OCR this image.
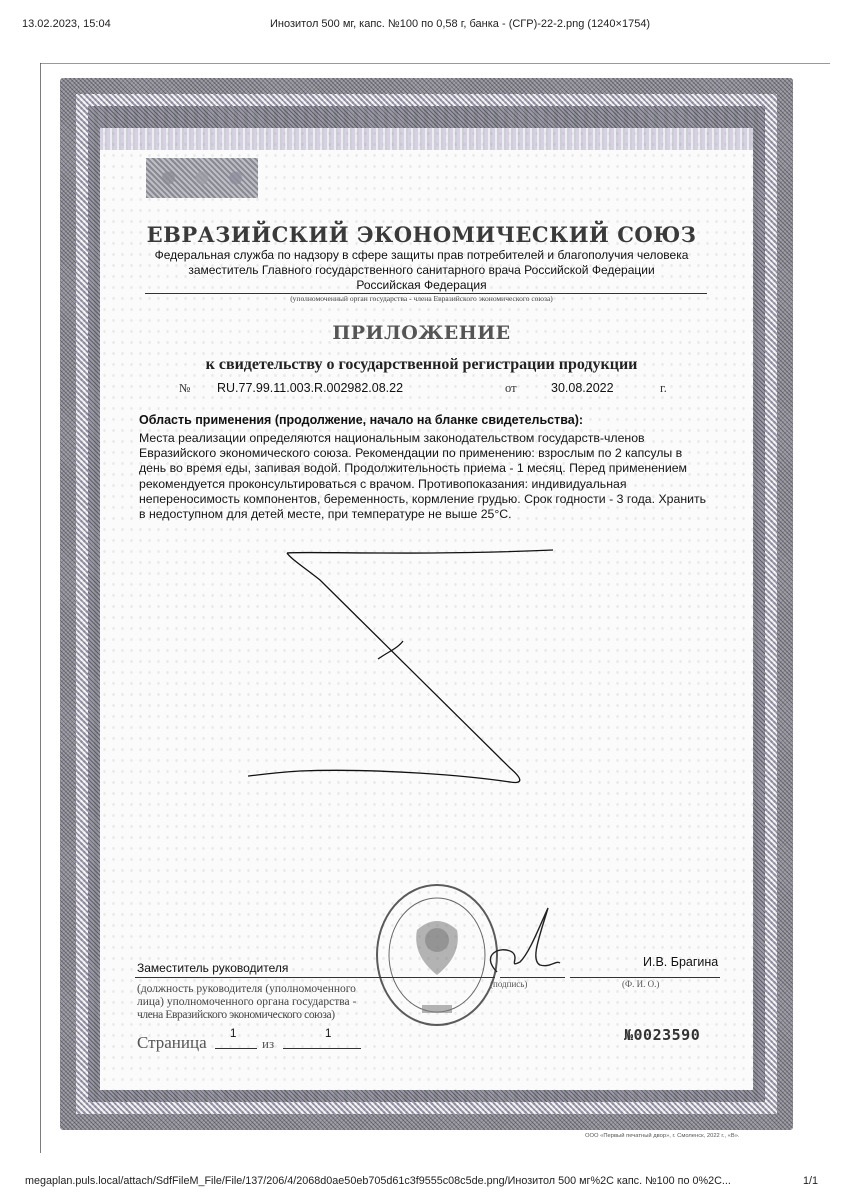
13.02.2023, 15:04	Инозитол 500 мг, капс. №100 по 0,58 г, банка - (СГР)-22-2.png (1240×1754)
ЕВРАЗИЙСКИЙ ЭКОНОМИЧЕСКИЙ СОЮЗ
Федеральная служба по надзору в сфере защиты прав потребителей и благополучия человека
заместитель Главного государственного санитарного врача Российской Федерации
Российская Федерация
(уполномоченный орган государства - члена Евразийского экономического союза)
ПРИЛОЖЕНИЕ
к свидетельству о государственной регистрации продукции
№ RU.77.99.11.003.R.002982.08.22	от	30.08.2022	г.
Область применения (продолжение, начало на бланке свидетельства):
Места реализации определяются национальным законодательством государств-членов
Евразийского экономического союза. Рекомендации по применению: взрослым по 2 капсулы в
день во время еды, запивая водой. Продолжительность приема - 1 месяц. Перед применением
рекомендуется проконсультироваться с врачом. Противопоказания: индивидуальная
непереносимость компонентов, беременность, кормление грудью. Срок годности - 3 года. Хранить
в недоступном для детей месте, при температуре не выше 25°С.
Заместитель руководителя	И.В. Брагина
(подпись)	(Ф. И. О.)
(должность руководителя (уполномоченного
лица) уполномоченного органа государства -
члена Евразийского экономического союза)
Страница 1
из
1	№0023590
ООО «Первый печатный двор», г. Смоленск, 2022 г., «В».
megaplan.puls.local/attach/SdfFileM_File/File/137/206/4/2068d0ae50eb705d61c3f9555c08c5de.png/Инозитол 500 мг%2C капс. №100 по 0%2C...	1/1
